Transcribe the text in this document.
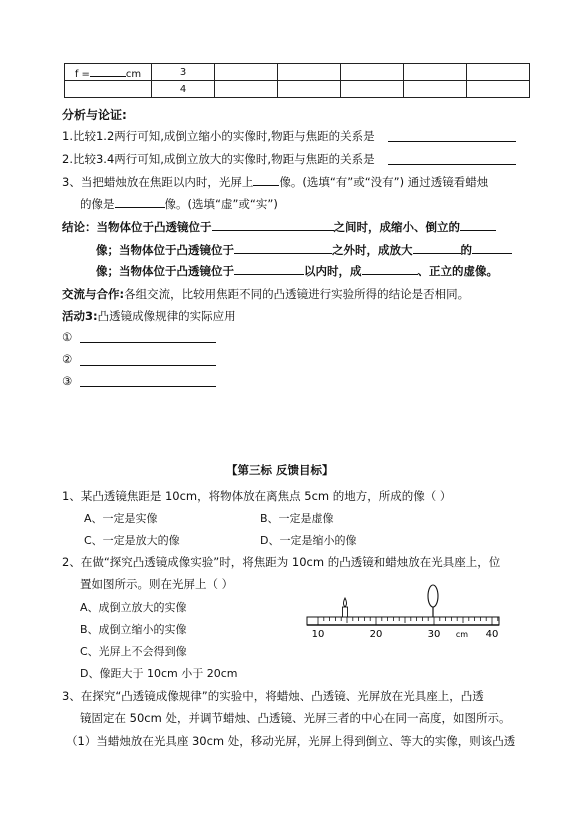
f = cm	3					
	4					
分析与论证:
1.比较1.2两行可知,成倒立缩小的实像时,物距与焦距的关系是
2.比较3.4两行可知,成倒立放大的实像时,物距与焦距的关系是
3、当把蜡烛放在焦距以内时，光屏上 像。(选填“有”或“没有”) 通过透镜看蜡烛
的像是	像。(选填“虚”或“实”)
结论：当物体位于凸透镜位于	之间时，成缩小、倒立的
像；当物体位于凸透镜位于	之外时，成放大	的
像；当物体位于凸透镜位于	以内时，成	、正立的虚像。
交流与合作:各组交流，比较用焦距不同的凸透镜进行实验所得的结论是否相同。
活动3:凸透镜成像规律的实际应用
①
②
③
【第三标 反馈目标】
1、某凸透镜焦距是 10cm，将物体放在离焦点 5cm 的地方，所成的像（ ）
A、一定是实像	B、一定是虚像
C、一定是放大的像	D、一定是缩小的像
2、在做“探究凸透镜成像实验”时，将焦距为 10cm 的凸透镜和蜡烛放在光具座上，位
置如图所示。则在光屏上（ ）
A、成倒立放大的实像
B、成倒立缩小的实像
C、光屏上不会得到像
D、像距大于 10cm 小于 20cm
10	20	30	40
cm
3、在探究“凸透镜成像规律”的实验中，将蜡烛、凸透镜、光屏放在光具座上，凸透
镜固定在 50cm 处，并调节蜡烛、凸透镜、光屏三者的中心在同一高度，如图所示。
（1）当蜡烛放在光具座 30cm 处，移动光屏，光屏上得到倒立、等大的实像，则该凸透
